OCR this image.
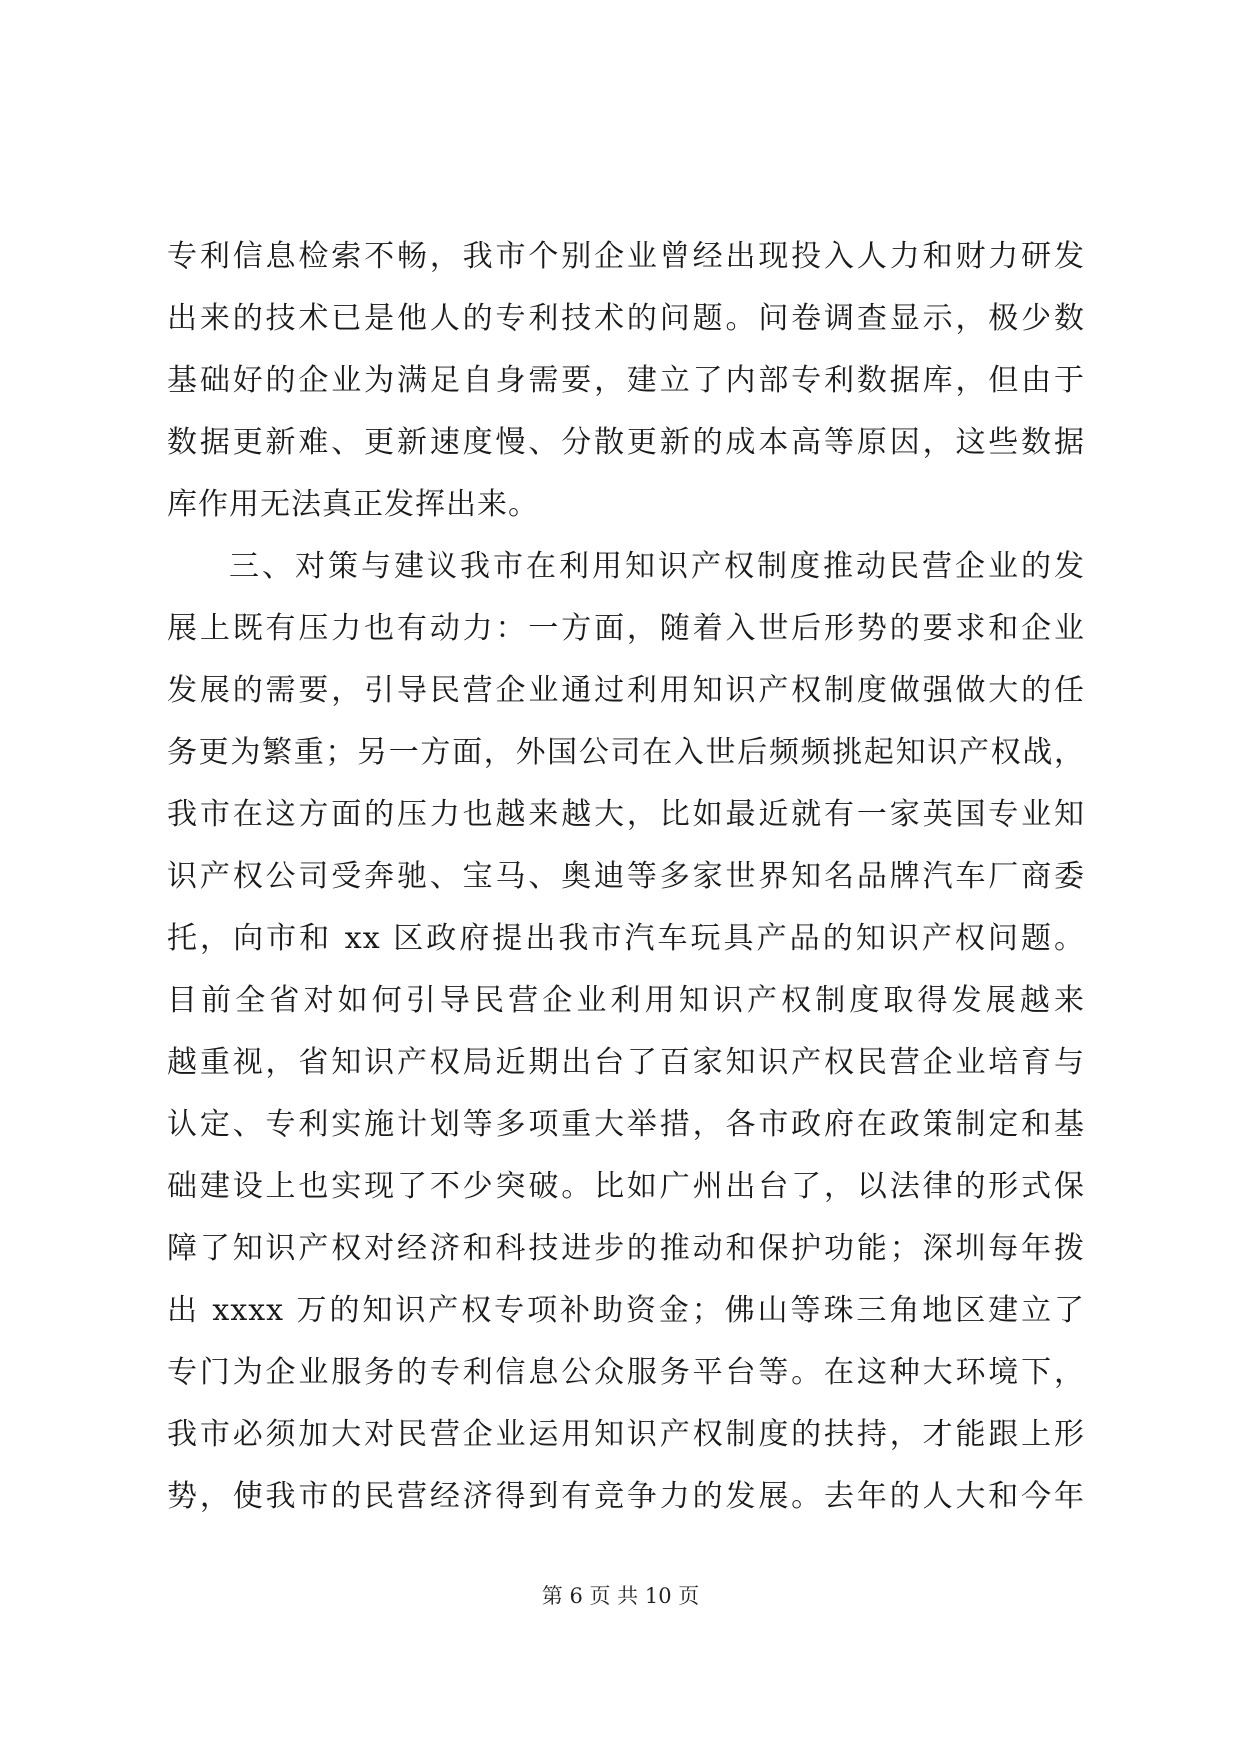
专利信息检索不畅，我市个别企业曾经出现投入人力和财力研发
出来的技术已是他人的专利技术的问题。问卷调查显示，极少数
基础好的企业为满足自身需要，建立了内部专利数据库，但由于
数据更新难、更新速度慢、分散更新的成本高等原因，这些数据
库作用无法真正发挥出来。
三、对策与建议我市在利用知识产权制度推动民营企业的发
展上既有压力也有动力：一方面，随着入世后形势的要求和企业
发展的需要，引导民营企业通过利用知识产权制度做强做大的任
务更为繁重；另一方面，外国公司在入世后频频挑起知识产权战，
我市在这方面的压力也越来越大，比如最近就有一家英国专业知
识产权公司受奔驰、宝马、奥迪等多家世界知名品牌汽车厂商委
托，向市和 xx 区政府提出我市汽车玩具产品的知识产权问题。
目前全省对如何引导民营企业利用知识产权制度取得发展越来
越重视，省知识产权局近期出台了百家知识产权民营企业培育与
认定、专利实施计划等多项重大举措，各市政府在政策制定和基
础建设上也实现了不少突破。比如广州出台了，以法律的形式保
障了知识产权对经济和科技进步的推动和保护功能；深圳每年拨
出 xxxx 万的知识产权专项补助资金；佛山等珠三角地区建立了
专门为企业服务的专利信息公众服务平台等。在这种大环境下，
我市必须加大对民营企业运用知识产权制度的扶持，才能跟上形
势，使我市的民营经济得到有竞争力的发展。去年的人大和今年
第 6 页 共 10 页
